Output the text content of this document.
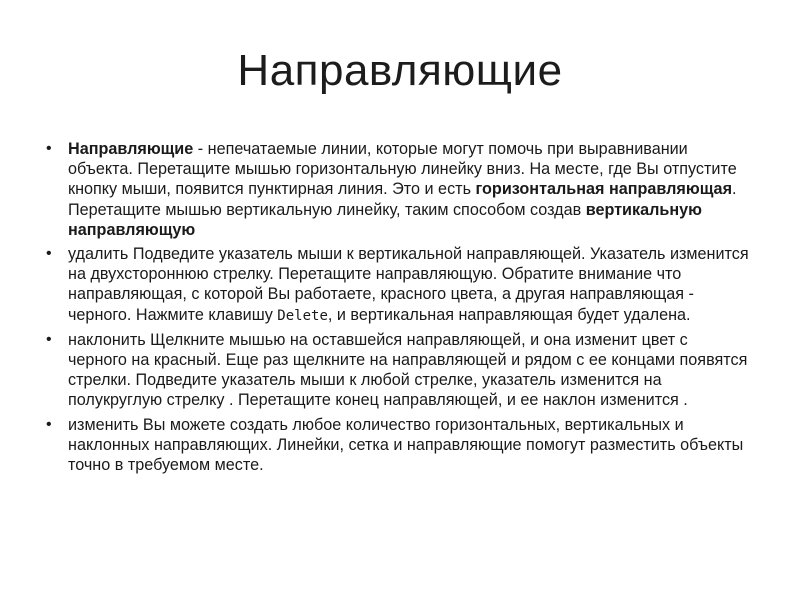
Направляющие
• Направляющие - непечатаемые линии, которые могут помочь при выравнивании объекта. Перетащите мышью горизонтальную линейку вниз. На месте, где Вы отпустите кнопку мыши, появится пунктирная линия. Это и есть горизонтальная направляющая. Перетащите мышью вертикальную линейку, таким способом создав вертикальную направляющую
• удалить Подведите указатель мыши к вертикальной направляющей. Указатель изменится на двухстороннюю стрелку. Перетащите направляющую. Обратите внимание что направляющая, с которой Вы работаете, красного цвета, а другая направляющая - черного. Нажмите клавишу Delete, и вертикальная направляющая будет удалена.
• наклонить Щелкните мышью на оставшейся направляющей, и она изменит цвет с черного на красный. Еще раз щелкните на направляющей и рядом с ее концами появятся стрелки. Подведите указатель мыши к любой стрелке, указатель изменится на полукруглую стрелку . Перетащите конец направляющей, и ее наклон изменится .
• изменить Вы можете создать любое количество горизонтальных, вертикальных и наклонных направляющих. Линейки, сетка и направляющие помогут разместить объекты точно в требуемом месте.
